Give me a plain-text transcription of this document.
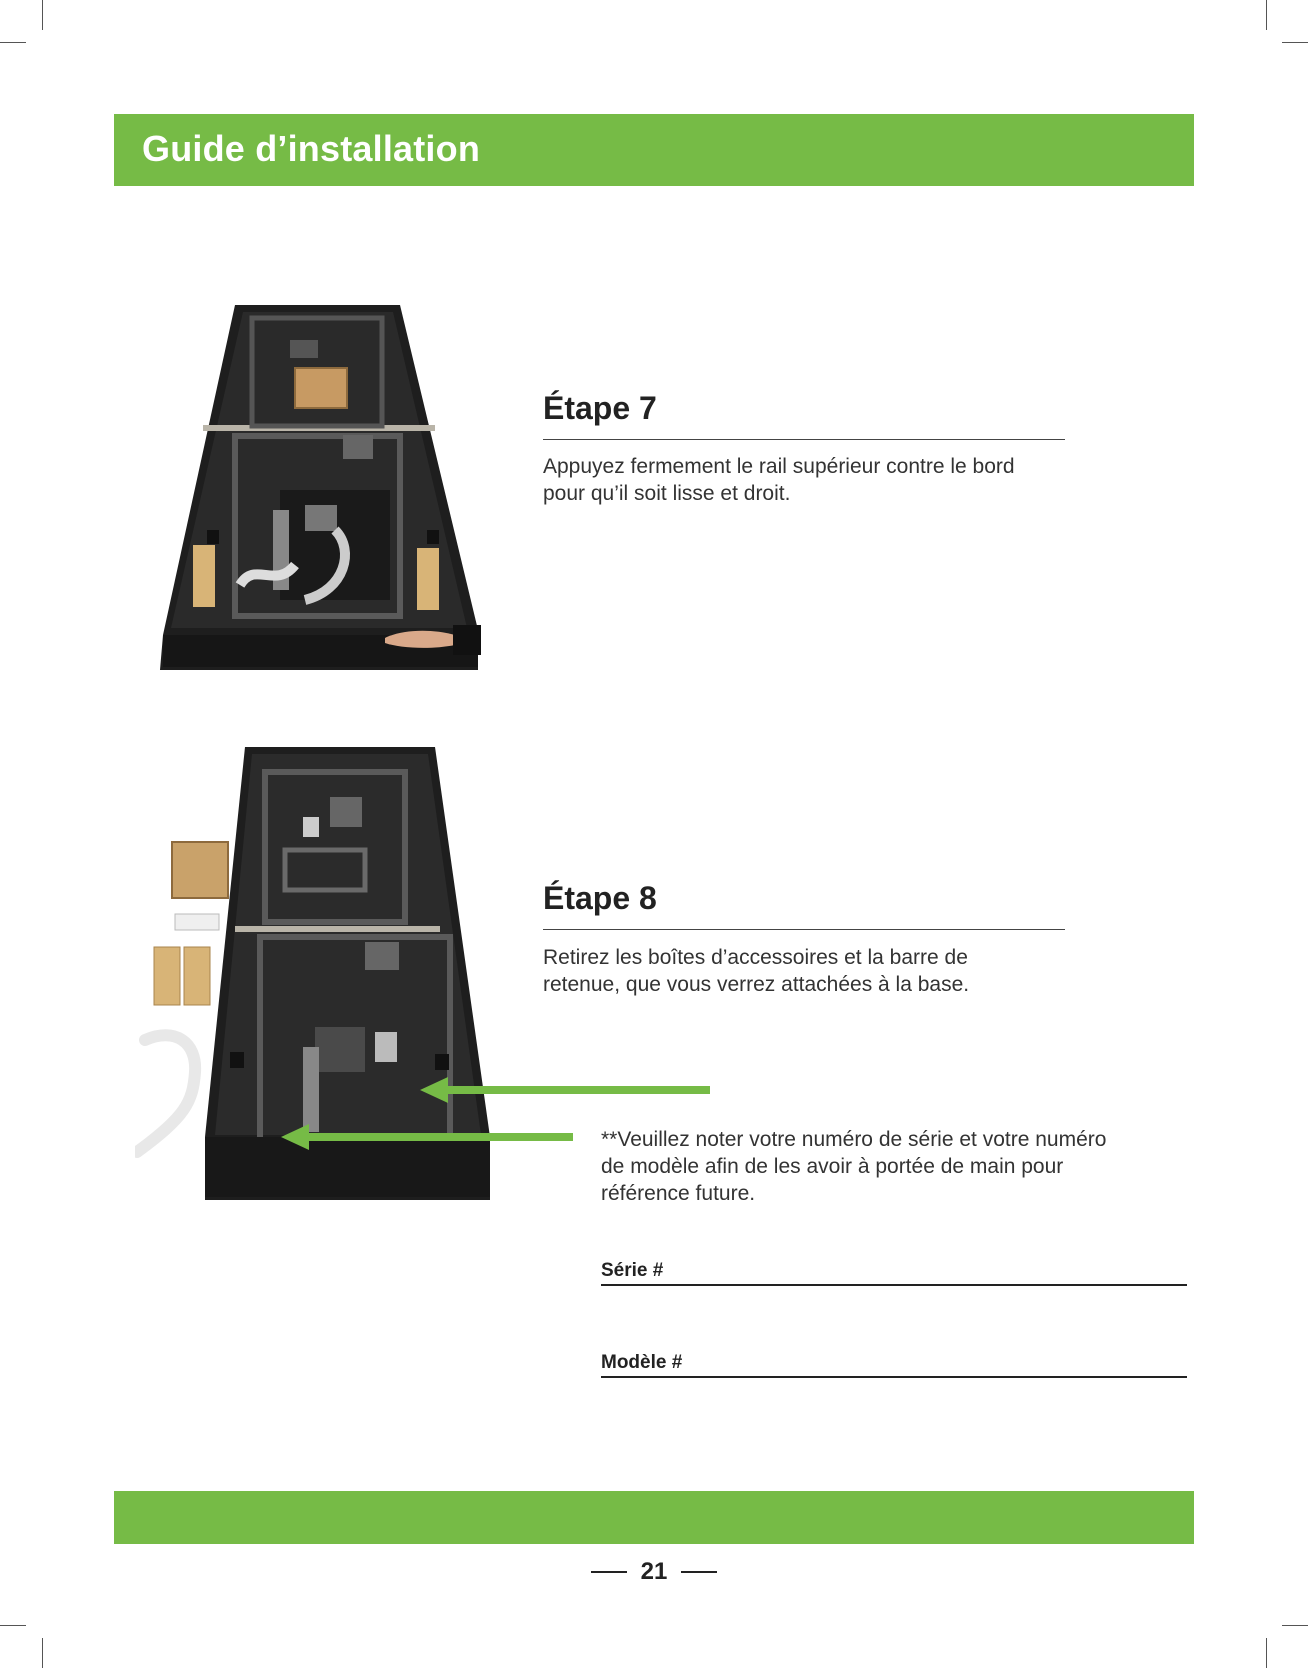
Guide d’installation
Étape 7
Appuyez fermement le rail supérieur contre le bord pour qu’il soit lisse et droit.
Étape 8
Retirez les boîtes d’accessoires et la barre de retenue, que vous verrez attachées à la base.
**Veuillez noter votre numéro de série et votre numéro de modèle afin de les avoir à portée de main pour référence future.
Série #
Modèle #
21
